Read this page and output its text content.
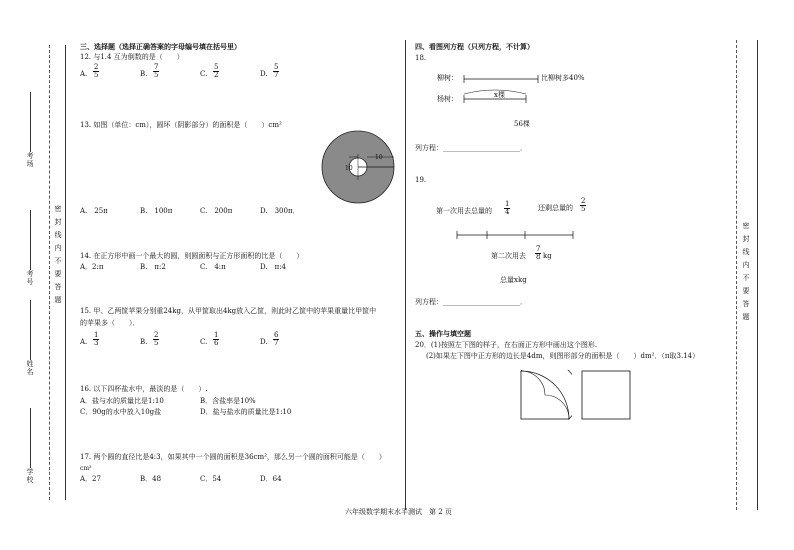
考场
考号
姓名
学校
密封线内不要答题	密封线内不要答题
三、选择题（选择正确答案的字母编号填在括号里）
12. 与1.4 互为倒数的是（　　）
A. $\frac{2}{5}$	B. $\frac{7}{5}$	C. $\frac{5}{2}$	D. $\frac{5}{7}$
13. 如图（单位：cm），圆环（阴影部分）的面积是（　　）cm²
10
10
A.　25π	B.　100π	C.　200π	D.　300π．
14. 在正方形中画一个最大的圆，则圆面积与正方形面积的比是（　　）
A．2:π	B.　π:2	C.　4:π	D.　π:4
15. 甲、乙两筐苹果分别重24kg，从甲筐取出4kg放入乙筐，则此时乙筐中的苹果重量比甲筐中
的苹果多（　　）．
A. $\frac{1}{3}$	B. $\frac{2}{5}$	C. $\frac{1}{6}$	D. $\frac{6}{7}$
16. 以下四杯盐水中，最淡的是（　　）.
A．盐与水的质量比是1:10	B．含盐率是10%
C．90g的水中放入10g盐	D．盐与盐水的质量比是1:10
17. 两个圆的直径比是4:3，如果其中一个圆的面积是36cm²，那么另一个圆的面积可能是（　　）
cm²
A．27	B．48	C．54	D．64
四、看图列方程（只列方程，不计算）
18.
柳树：
杨树：
比柳树多40%
x棵
56棵
列方程：______________________．
19.
第一次用去总量的 $\frac{1}{4}$	还剩总量的 $\frac{2}{5}$
第二次用去 $\frac{7}{8}$ kg
总量xkg
列方程：______________________．
五、操作与填空题
20．(1)按照左下图的样子，在右面正方形中画出这个图形.
(2)如果左下图中正方形的边长是4dm，则图形部分的面积是（　　）dm²．（π取3.14）
六年级数学期末水平测试　第 2 页
